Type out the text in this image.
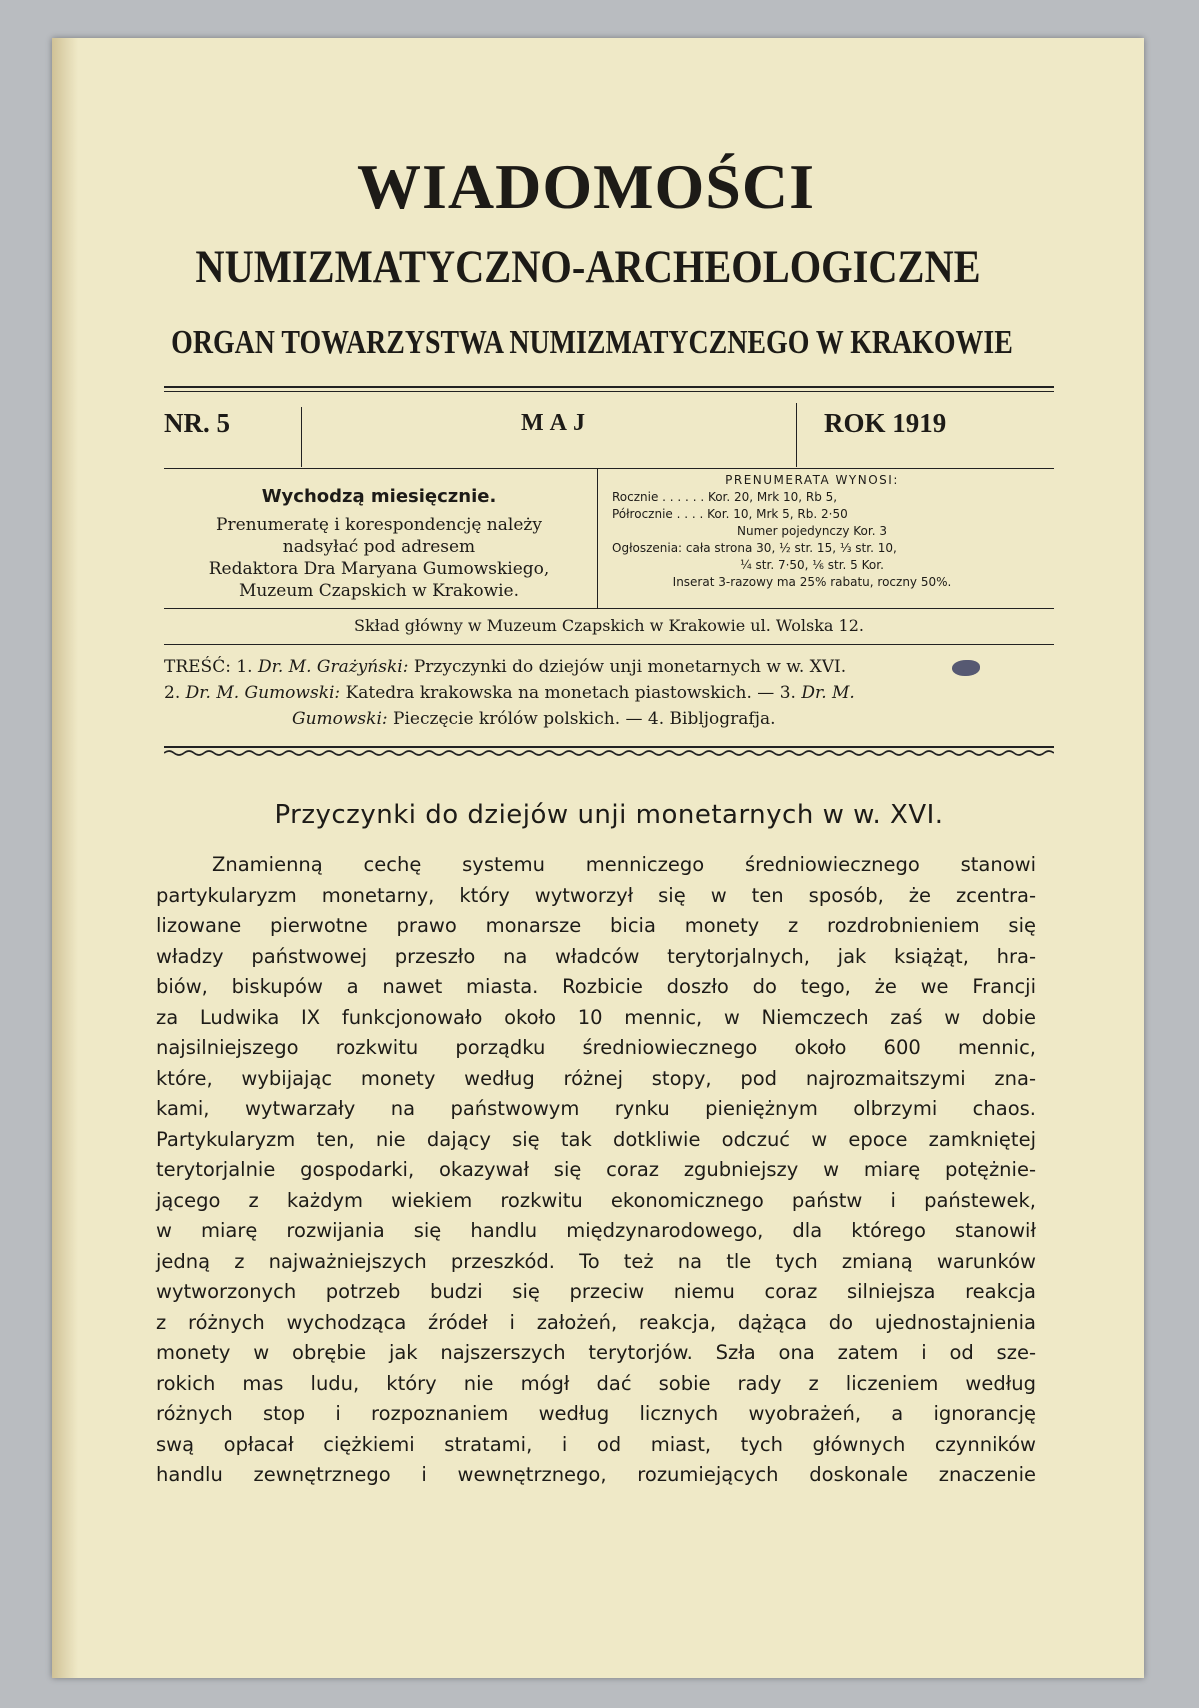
WIADOMOŚCI
NUMIZMATYCZNO-ARCHEOLOGICZNE
ORGAN TOWARZYSTWA NUMIZMATYCZNEGO W KRAKOWIE
NR. 5	MAJ	ROK 1919
Wychodzą miesięcznie.
Prenumeratę i korespondencję należy
nadsyłać pod adresem
Redaktora Dra Maryana Gumowskiego,
Muzeum Czapskich w Krakowie.
PRENUMERATA WYNOSI:
Rocznie . . . . . . Kor. 20, Mrk 10, Rb 5,
Półrocznie . . . . Kor. 10, Mrk 5, Rb. 2·50
Numer pojedynczy Kor. 3
Ogłoszenia: cała strona 30, ½ str. 15, ⅓ str. 10,
¼ str. 7·50, ⅙ str. 5 Kor.
Inserat 3-razowy ma 25% rabatu, roczny 50%.
Skład główny w Muzeum Czapskich w Krakowie ul. Wolska 12.
TREŚĆ: 1. Dr. M. Grażyński: Przyczynki do dziejów unji monetarnych w w. XVI.
2. Dr. M. Gumowski: Katedra krakowska na monetach piastowskich. — 3. Dr. M.
Gumowski: Pieczęcie królów polskich. — 4. Bibljografja.
Przyczynki do dziejów unji monetarnych w w. XVI.

Znamienną cechę systemu menniczego średniowiecznego stanowi

partykularyzm monetarny, który wytworzył się w ten sposób, że zcentra-

lizowane pierwotne prawo monarsze bicia monety z rozdrobnieniem się

władzy państwowej przeszło na władców terytorjalnych, jak książąt, hra-

biów, biskupów a nawet miasta. Rozbicie doszło do tego, że we Francji

za Ludwika IX funkcjonowało około 10 mennic, w Niemczech zaś w dobie

najsilniejszego rozkwitu porządku średniowiecznego około 600 mennic,

które, wybijając monety według różnej stopy, pod najrozmaitszymi zna-

kami, wytwarzały na państwowym rynku pieniężnym olbrzymi chaos.

Partykularyzm ten, nie dający się tak dotkliwie odczuć w epoce zamkniętej

terytorjalnie gospodarki, okazywał się coraz zgubniejszy w miarę potężnie-

jącego z każdym wiekiem rozkwitu ekonomicznego państw i państewek,

w miarę rozwijania się handlu międzynarodowego, dla którego stanowił

jedną z najważniejszych przeszkód. To też na tle tych zmianą warunków

wytworzonych potrzeb budzi się przeciw niemu coraz silniejsza reakcja

z różnych wychodząca źródeł i założeń, reakcja, dążąca do ujednostajnienia

monety w obrębie jak najszerszych terytorjów. Szła ona zatem i od sze-

rokich mas ludu, który nie mógł dać sobie rady z liczeniem według

różnych stop i rozpoznaniem według licznych wyobrażeń, a ignorancję

swą opłacał ciężkiemi stratami, i od miast, tych głównych czynników

handlu zewnętrznego i wewnętrznego, rozumiejących doskonale znaczenie
